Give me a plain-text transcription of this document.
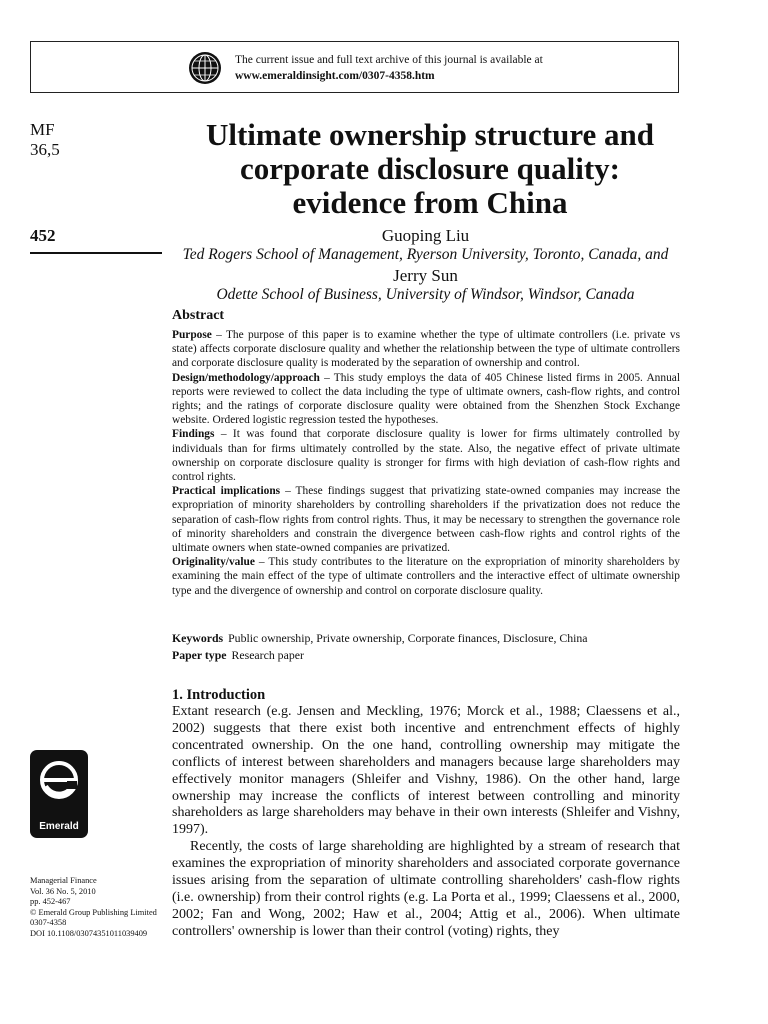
The current issue and full text archive of this journal is available at
www.emeraldinsight.com/0307-4358.htm
MF
36,5
452
Ultimate ownership structure and
corporate disclosure quality:
evidence from China
Guoping Liu
Ted Rogers School of Management, Ryerson University, Toronto, Canada, and
Jerry Sun
Odette School of Business, University of Windsor, Windsor, Canada
Abstract

Purpose – The purpose of this paper is to examine whether the type of ultimate controllers (i.e. private vs state) affects corporate disclosure quality and whether the relationship between the type of ultimate controllers and corporate disclosure quality is moderated by the separation of ownership and control.

Design/methodology/approach – This study employs the data of 405 Chinese listed firms in 2005. Annual reports were reviewed to collect the data including the type of ultimate owners, cash-flow rights, and control rights; and the ratings of corporate disclosure quality were obtained from the Shenzhen Stock Exchange website. Ordered logistic regression tested the hypotheses.

Findings – It was found that corporate disclosure quality is lower for firms ultimately controlled by individuals than for firms ultimately controlled by the state. Also, the negative effect of private ultimate ownership on corporate disclosure quality is stronger for firms with high deviation of cash-flow rights and control rights.

Practical implications – These findings suggest that privatizing state-owned companies may increase the expropriation of minority shareholders by controlling shareholders if the privatization does not reduce the separation of cash-flow rights from control rights. Thus, it may be necessary to strengthen the governance role of minority shareholders and constrain the divergence between cash-flow rights and control rights of the ultimate owners when state-owned companies are privatized.

Originality/value – This study contributes to the literature on the expropriation of minority shareholders by examining the main effect of the type of ultimate controllers and the interactive effect of ultimate ownership type and the divergence of ownership and control on corporate disclosure quality.

Keywords Public ownership, Private ownership, Corporate finances, Disclosure, China
Paper type Research paper
1. Introduction

Extant research (e.g. Jensen and Meckling, 1976; Morck et al., 1988; Claessens et al., 2002) suggests that there exist both incentive and entrenchment effects of highly concentrated ownership. On the one hand, controlling ownership may mitigate the conflicts of interest between shareholders and managers because large shareholders may effectively monitor managers (Shleifer and Vishny, 1986). On the other hand, large ownership may increase the conflicts of interest between controlling and minority shareholders as large shareholders may behave in their own interests (Shleifer and Vishny, 1997).

Recently, the costs of large shareholding are highlighted by a stream of research that examines the expropriation of minority shareholders and associated corporate governance issues arising from the separation of ultimate controlling shareholders' cash-flow rights (i.e. ownership) from their control rights (e.g. La Porta et al., 1999; Claessens et al., 2000, 2002; Fan and Wong, 2002; Haw et al., 2004; Attig et al., 2006). When ultimate controllers' ownership is lower than their control (voting) rights, they

Emerald
Managerial Finance
Vol. 36 No. 5, 2010
pp. 452-467
© Emerald Group Publishing Limited
0307-4358
DOI 10.1108/03074351011039409
